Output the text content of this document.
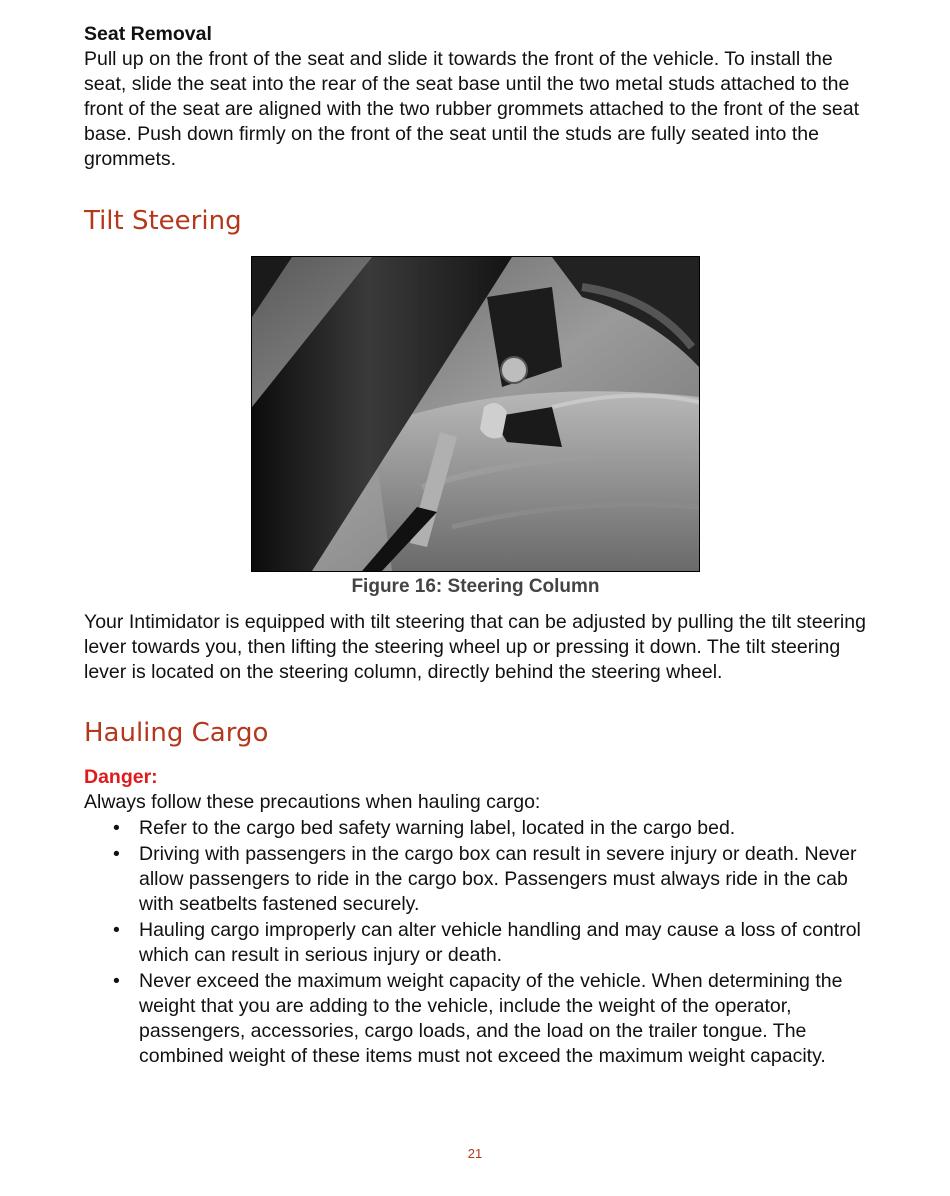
Seat Removal

Pull up on the front of the seat and slide it towards the front of the vehicle. To install the seat, slide the seat into the rear of the seat base until the two metal studs attached to the front of the seat are aligned with the two rubber grommets attached to the front of the seat base. Push down firmly on the front of the seat until the studs are fully seated into the grommets.

Tilt Steering
Figure 16: Steering Column

Your Intimidator is equipped with tilt steering that can be adjusted by pulling the tilt steering lever towards you, then lifting the steering wheel up or pressing it down. The tilt steering lever is located on the steering column, directly behind the steering wheel.

Hauling Cargo

Danger:

Always follow these precautions when hauling cargo:

• Refer to the cargo bed safety warning label, located in the cargo bed.
• Driving with passengers in the cargo box can result in severe injury or death. Never allow passengers to ride in the cargo box. Passengers must always ride in the cab with seatbelts fastened securely.
• Hauling cargo improperly can alter vehicle handling and may cause a loss of control which can result in serious injury or death.
• Never exceed the maximum weight capacity of the vehicle. When determining the weight that you are adding to the vehicle, include the weight of the operator, passengers, accessories, cargo loads, and the load on the trailer tongue. The combined weight of these items must not exceed the maximum weight capacity.
21
